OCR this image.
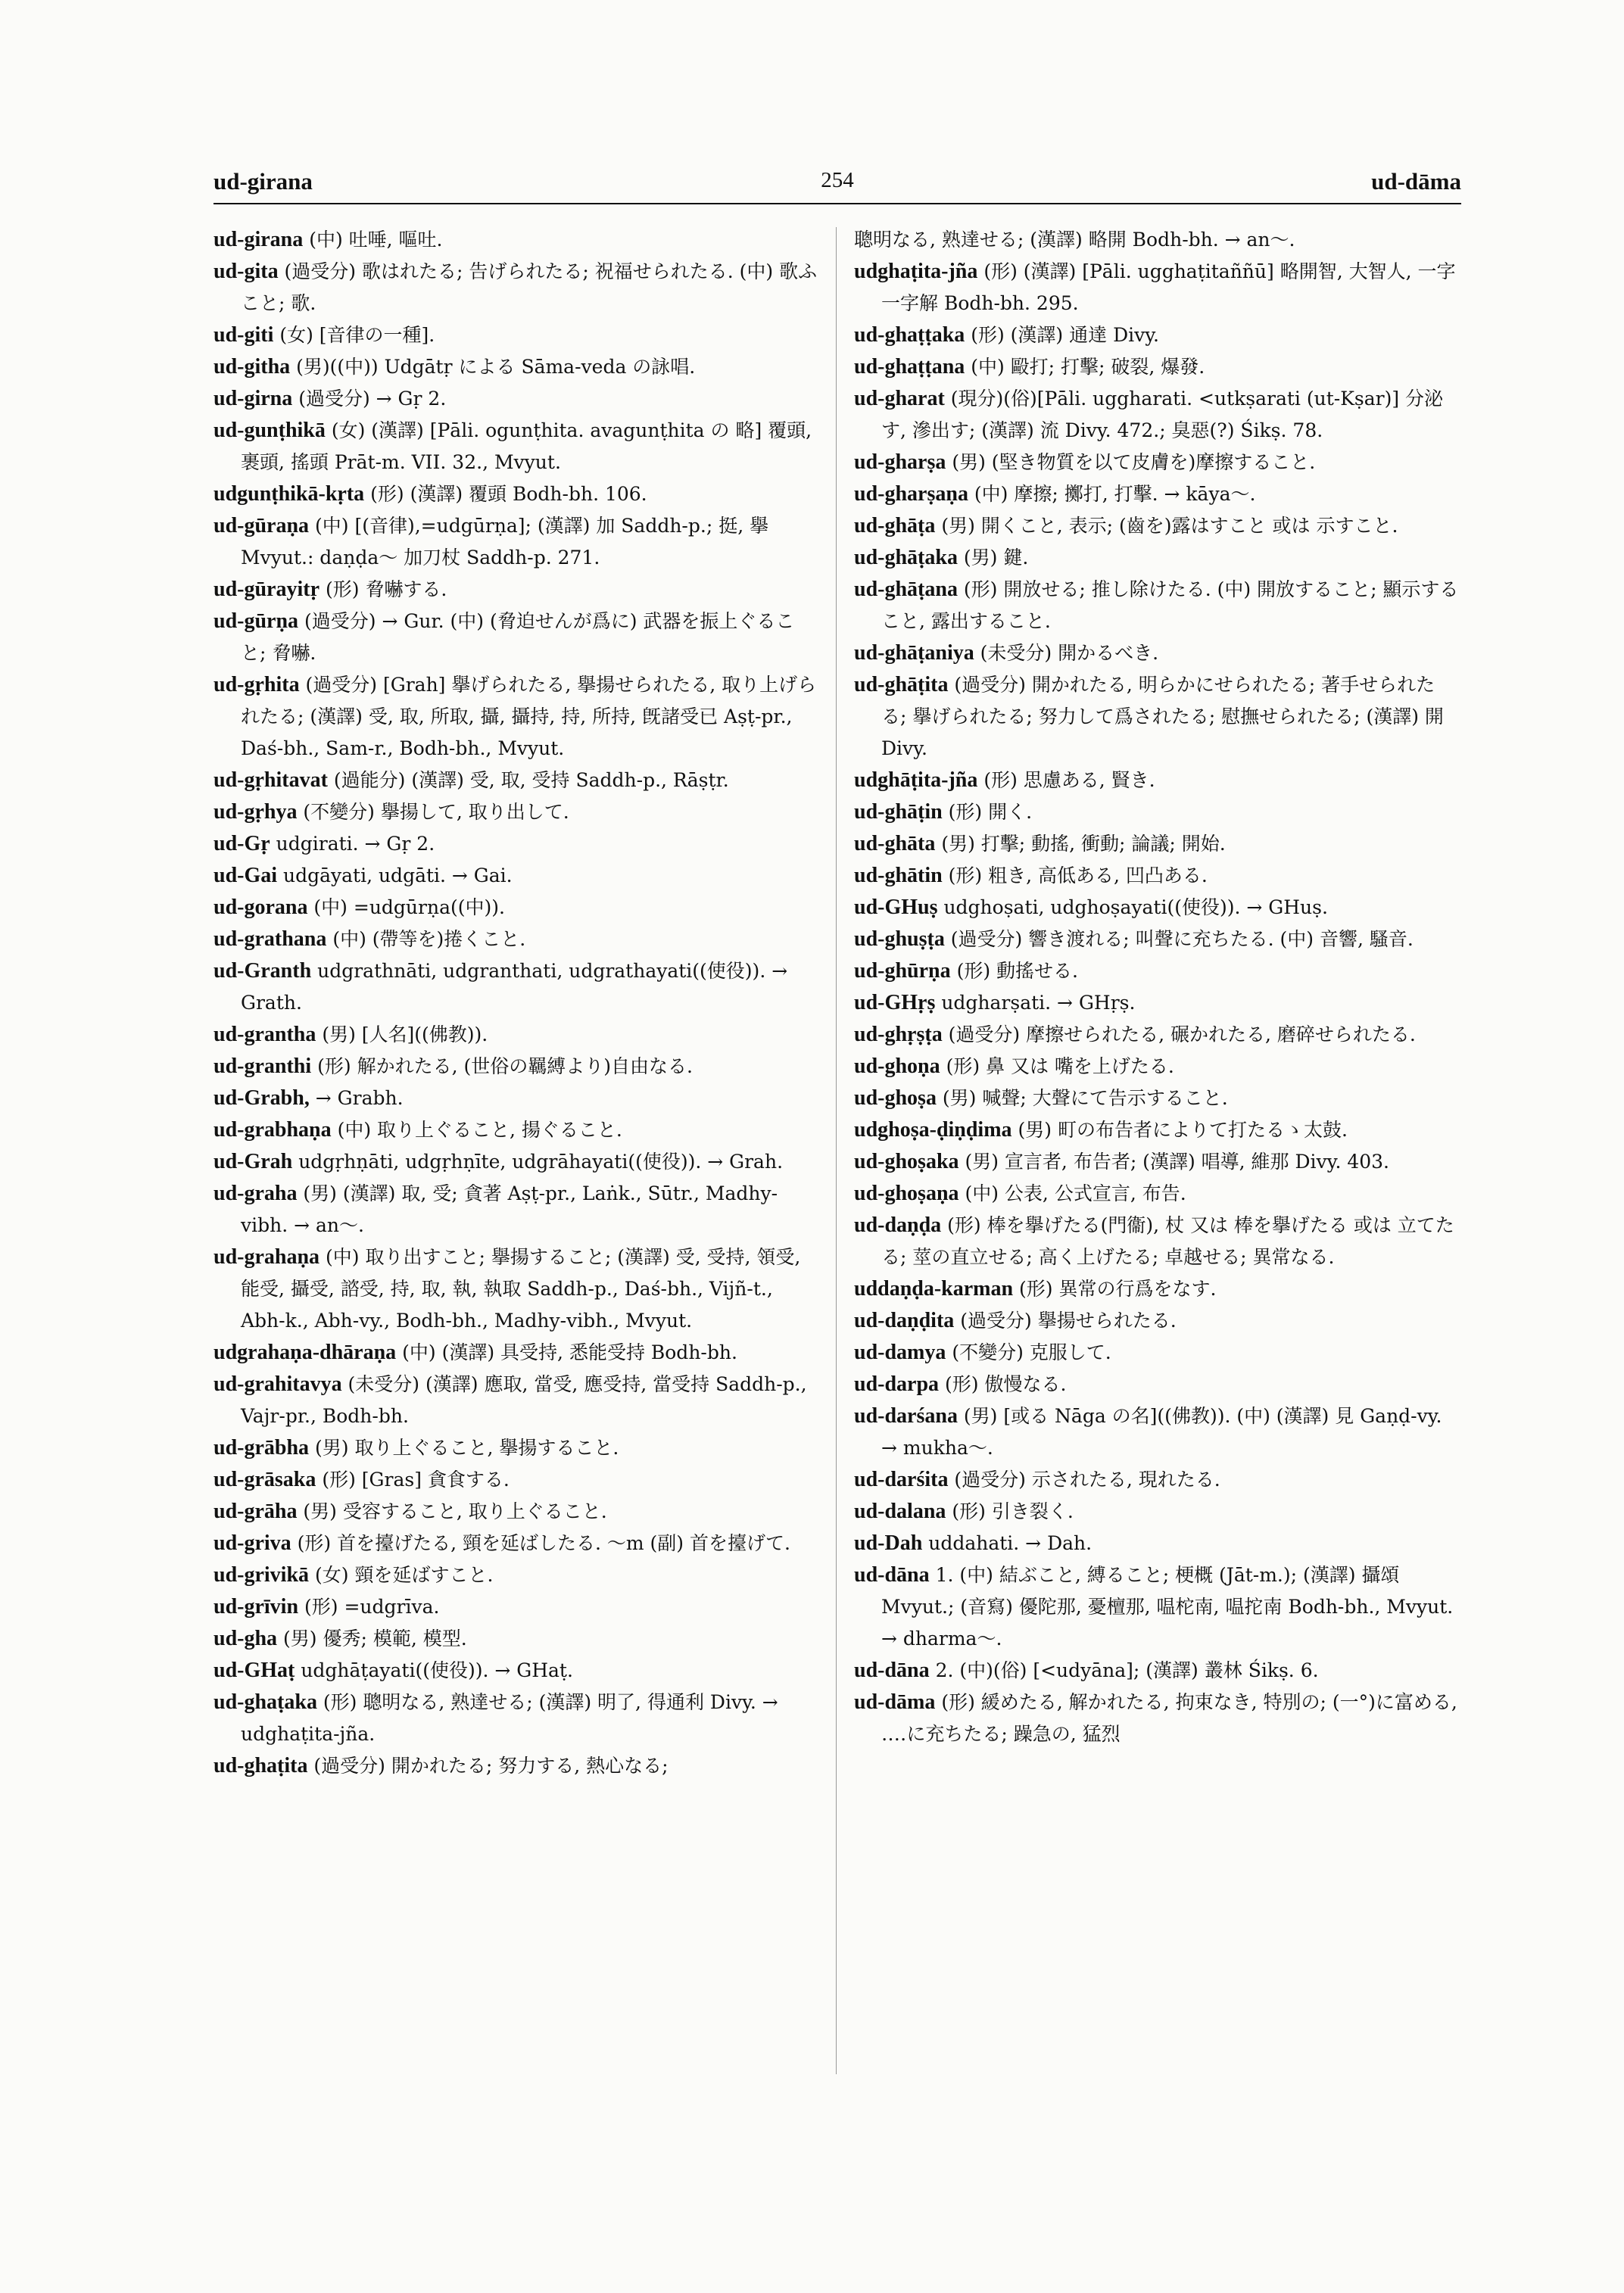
ud-girana	254	ud-dāma

ud-girana (中) 吐唾, 嘔吐.

ud-gita (過受分) 歌はれたる; 告げられたる; 祝福せられたる. (中) 歌ふこと; 歌.

ud-giti (女) [音律の一種].

ud-githa (男)((中)) Udgātṛ による Sāma-veda の詠唱.

ud-girna (過受分) → Gṛ 2.

ud-gunṭhikā (女) (漢譯) [Pāli. ogunṭhita. avagunṭhita の 略] 覆頭, 裹頭, 搖頭 Prāt-m. VII. 32., Mvyut.

udgunṭhikā-kṛta (形) (漢譯) 覆頭 Bodh-bh. 106.

ud-gūraṇa (中) [(音律),=udgūrṇa]; (漢譯) 加 Saddh-p.; 挺, 擧 Mvyut.: daṇḍa〜 加刀杖 Saddh-p. 271.

ud-gūrayitṛ (形) 脅嚇する.

ud-gūrṇa (過受分) → Gur. (中) (脅迫せんが爲に) 武器を振上ぐること; 脅嚇.

ud-gṛhita (過受分) [Grah] 擧げられたる, 擧揚せられたる, 取り上げられたる; (漢譯) 受, 取, 所取, 攝, 攝持, 持, 所持, 旣諸受已 Aṣṭ-pr., Daś-bh., Sam-r., Bodh-bh., Mvyut.

ud-gṛhitavat (過能分) (漢譯) 受, 取, 受持 Saddh-p., Rāṣṭr.

ud-gṛhya (不變分) 擧揚して, 取り出して.

ud-Gṛ udgirati. → Gṛ 2.

ud-Gai udgāyati, udgāti. → Gai.

ud-gorana (中) =udgūrṇa((中)).

ud-grathana (中) (帶等を)捲くこと.

ud-Granth udgrathnāti, udgranthati, udgrathayati((使役)). → Grath.

ud-grantha (男) [人名]((佛教)).

ud-granthi (形) 解かれたる, (世俗の羈縛より)自由なる.

ud-Grabh, → Grabh.

ud-grabhaṇa (中) 取り上ぐること, 揚ぐること.

ud-Grah udgṛhṇāti, udgṛhṇīte, udgrāhayati((使役)). → Grah.

ud-graha (男) (漢譯) 取, 受; 貪著 Aṣṭ-pr., Laṅk., Sūtr., Madhy-vibh. → an〜.

ud-grahaṇa (中) 取り出すこと; 擧揚すること; (漢譯) 受, 受持, 領受, 能受, 攝受, 諮受, 持, 取, 執, 執取 Saddh-p., Daś-bh., Vijñ-t., Abh-k., Abh-vy., Bodh-bh., Madhy-vibh., Mvyut.

udgrahaṇa-dhāraṇa (中) (漢譯) 具受持, 悉能受持 Bodh-bh.

ud-grahitavya (未受分) (漢譯) 應取, 當受, 應受持, 當受持 Saddh-p., Vajr-pr., Bodh-bh.

ud-grābha (男) 取り上ぐること, 擧揚すること.

ud-grāsaka (形) [Gras] 貪食する.

ud-grāha (男) 受容すること, 取り上ぐること.

ud-griva (形) 首を擡げたる, 頸を延ばしたる. 〜m (副) 首を擡げて.

ud-grivikā (女) 頸を延ばすこと.

ud-grīvin (形) =udgrīva.

ud-gha (男) 優秀; 模範, 模型.

ud-GHaṭ udghāṭayati((使役)). → GHaṭ.

ud-ghaṭaka (形) 聰明なる, 熟達せる; (漢譯) 明了, 得通利 Divy. → udghaṭita-jña.

ud-ghaṭita (過受分) 開かれたる; 努力する, 熱心なる;

聰明なる, 熟達せる; (漢譯) 略開 Bodh-bh. → an〜.

udghaṭita-jña (形) (漢譯) [Pāli. ugghaṭitaññū] 略開智, 大智人, 一字一字解 Bodh-bh. 295.

ud-ghaṭṭaka (形) (漢譯) 通達 Divy.

ud-ghaṭṭana (中) 毆打; 打擊; 破裂, 爆發.

ud-gharat (現分)(俗)[Pāli. uggharati. <utkṣarati (ut-Kṣar)] 分泌す, 滲出す; (漢譯) 流 Divy. 472.; 臭惡(?) Śikṣ. 78.

ud-gharṣa (男) (堅き物質を以て皮膚を)摩擦すること.

ud-gharṣaṇa (中) 摩擦; 擲打, 打擊. → kāya〜.

ud-ghāṭa (男) 開くこと, 表示; (齒を)露はすこと 或は 示すこと.

ud-ghāṭaka (男) 鍵.

ud-ghāṭana (形) 開放せる; 推し除けたる. (中) 開放すること; 顯示すること, 露出すること.

ud-ghāṭaniya (未受分) 開かるべき.

ud-ghāṭita (過受分) 開かれたる, 明らかにせられたる; 著手せられたる; 擧げられたる; 努力して爲されたる; 慰撫せられたる; (漢譯) 開 Divy.

udghāṭita-jña (形) 思慮ある, 賢き.

ud-ghāṭin (形) 開く.

ud-ghāta (男) 打擊; 動搖, 衝動; 論議; 開始.

ud-ghātin (形) 粗き, 高低ある, 凹凸ある.

ud-GHuṣ udghoṣati, udghoṣayati((使役)). → GHuṣ.

ud-ghuṣṭa (過受分) 響き渡れる; 叫聲に充ちたる. (中) 音響, 騷音.

ud-ghūrṇa (形) 動搖せる.

ud-GHṛṣ udgharṣati. → GHṛṣ.

ud-ghṛṣṭa (過受分) 摩擦せられたる, 碾かれたる, 磨碎せられたる.

ud-ghoṇa (形) 鼻 又は 嘴を上げたる.

ud-ghoṣa (男) 喊聲; 大聲にて告示すること.

udghoṣa-ḍiṇḍima (男) 町の布告者によりて打たるゝ太鼓.

ud-ghoṣaka (男) 宣言者, 布告者; (漢譯) 唱導, 維那 Divy. 403.

ud-ghoṣaṇa (中) 公表, 公式宣言, 布告.

ud-daṇḍa (形) 棒を擧げたる(門衞), 杖 又は 棒を擧げたる 或は 立てたる; 莖の直立せる; 高く上げたる; 卓越せる; 異常なる.

uddaṇḍa-karman (形) 異常の行爲をなす.

ud-daṇḍita (過受分) 擧揚せられたる.

ud-damya (不變分) 克服して.

ud-darpa (形) 傲慢なる.

ud-darśana (男) [或る Nāga の名]((佛教)). (中) (漢譯) 見 Gaṇḍ-vy. → mukha〜.

ud-darśita (過受分) 示されたる, 現れたる.

ud-dalana (形) 引き裂く.

ud-Dah uddahati. → Dah.

ud-dāna 1. (中) 結ぶこと, 縛ること; 梗概 (Jāt-m.); (漢譯) 攝頌 Mvyut.; (音寫) 優陀那, 憂檀那, 嗢柁南, 嗢拕南 Bodh-bh., Mvyut. → dharma〜.

ud-dāna 2. (中)(俗) [<udyāna]; (漢譯) 叢林 Śikṣ. 6.

ud-dāma (形) 緩めたる, 解かれたる, 拘束なき, 特別の; (一°)に富める, ‥‥に充ちたる; 躁急の, 猛烈
